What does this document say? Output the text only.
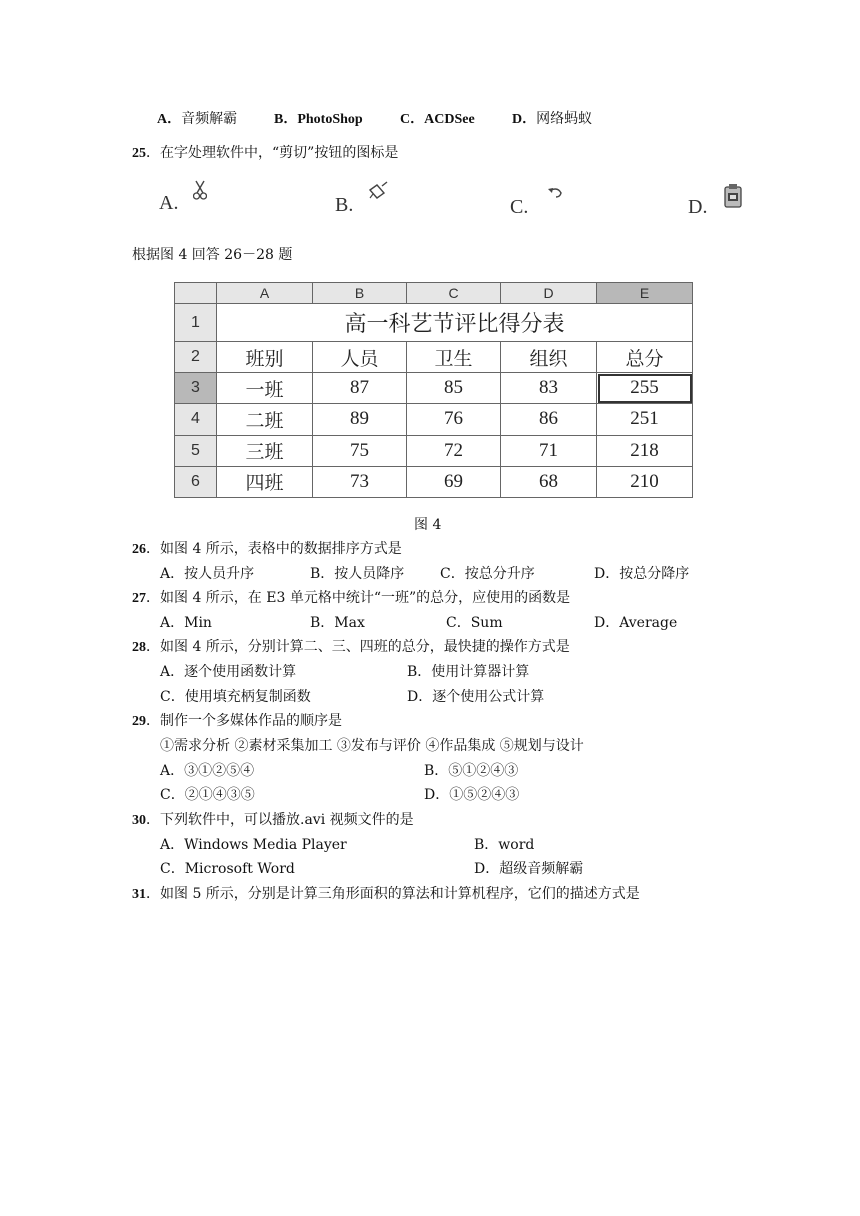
A．音频解霸	B．PhotoShop	C．ACDSee	D．网络蚂蚁
25．在字处理软件中，“剪切”按钮的图标是
A.	B.	C.	D.
根据图 4 回答 26－28 题
	A	B	C	D	E
1	高一科艺节评比得分表				
2	班别	人员	卫生	组织	总分
3	一班	87	85	83	255
4	二班	89	76	86	251
5	三班	75	72	71	218
6	四班	73	69	68	210
图 4
26．如图 4 所示，表格中的数据排序方式是
A．按人员升序	B．按人员降序	C．按总分升序	D．按总分降序
27．如图 4 所示，在 E3 单元格中统计“一班”的总分，应使用的函数是
A．Min	B．Max	C．Sum	D．Average
28．如图 4 所示，分别计算二、三、四班的总分，最快捷的操作方式是
A．逐个使用函数计算	B．使用计算器计算
C．使用填充柄复制函数	D．逐个使用公式计算
29．制作一个多媒体作品的顺序是
①需求分析 ②素材采集加工 ③发布与评价 ④作品集成 ⑤规划与设计
A．③①②⑤④	B．⑤①②④③
C．②①④③⑤	D．①⑤②④③
30．下列软件中，可以播放.avi 视频文件的是
A．Windows Media Player	B．word
C．Microsoft Word	D．超级音频解霸
31．如图 5 所示，分别是计算三角形面积的算法和计算机程序，它们的描述方式是
